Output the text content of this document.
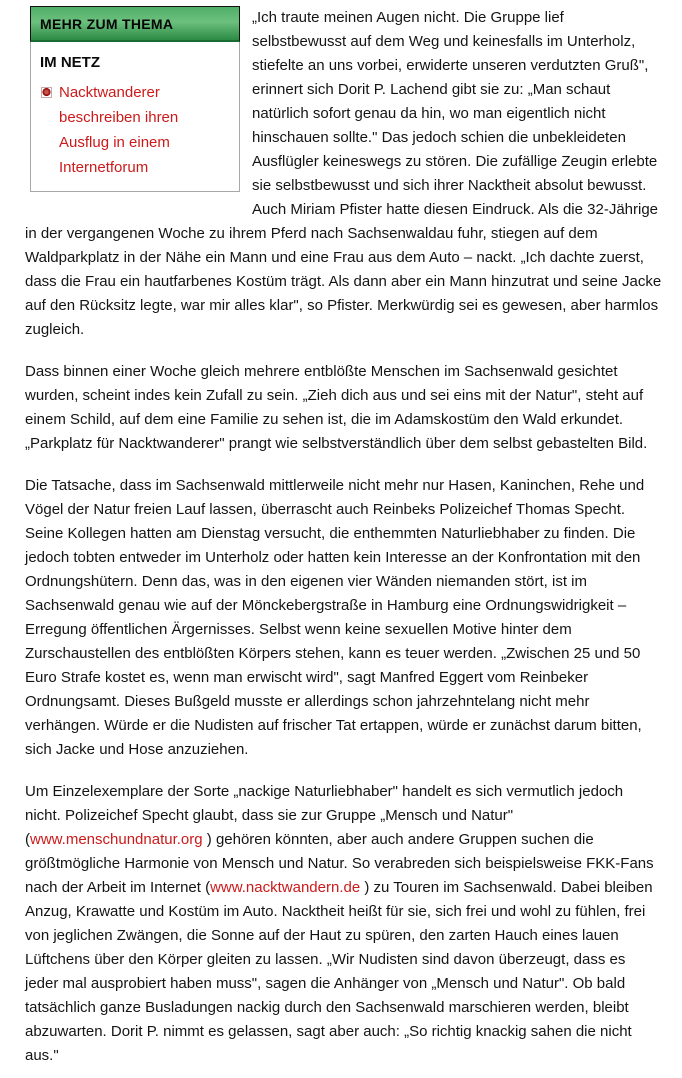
MEHR ZUM THEMA
IM NETZ
Nacktwanderer beschreiben ihren Ausflug in einem Internetforum

„Ich traute meinen Augen nicht. Die Gruppe lief selbstbewusst auf dem Weg und keinesfalls im Unterholz, stiefelte an uns vorbei, erwiderte unseren verdutzten Gruß", erinnert sich Dorit P. Lachend gibt sie zu: „Man schaut natürlich sofort genau da hin, wo man eigentlich nicht hinschauen sollte." Das jedoch schien die unbekleideten Ausflügler keineswegs zu stören. Die zufällige Zeugin erlebte sie selbstbewusst und sich ihrer Nacktheit absolut bewusst. Auch Miriam Pfister hatte diesen Eindruck. Als die 32-Jährige in der vergangenen Woche zu ihrem Pferd nach Sachsenwaldau fuhr, stiegen auf dem Waldparkplatz in der Nähe ein Mann und eine Frau aus dem Auto – nackt. „Ich dachte zuerst, dass die Frau ein hautfarbenes Kostüm trägt. Als dann aber ein Mann hinzutrat und seine Jacke auf den Rücksitz legte, war mir alles klar", so Pfister. Merkwürdig sei es gewesen, aber harmlos zugleich.

Dass binnen einer Woche gleich mehrere entblößte Menschen im Sachsenwald gesichtet wurden, scheint indes kein Zufall zu sein. „Zieh dich aus und sei eins mit der Natur", steht auf einem Schild, auf dem eine Familie zu sehen ist, die im Adamskostüm den Wald erkundet. „Parkplatz für Nacktwanderer" prangt wie selbstverständlich über dem selbst gebastelten Bild.

Die Tatsache, dass im Sachsenwald mittlerweile nicht mehr nur Hasen, Kaninchen, Rehe und Vögel der Natur freien Lauf lassen, überrascht auch Reinbeks Polizeichef Thomas Specht. Seine Kollegen hatten am Dienstag versucht, die enthemmten Naturliebhaber zu finden. Die jedoch tobten entweder im Unterholz oder hatten kein Interesse an der Konfrontation mit den Ordnungshütern. Denn das, was in den eigenen vier Wänden niemanden stört, ist im Sachsenwald genau wie auf der Mönckebergstraße in Hamburg eine Ordnungswidrigkeit – Erregung öffentlichen Ärgernisses. Selbst wenn keine sexuellen Motive hinter dem Zurschaustellen des entblößten Körpers stehen, kann es teuer werden. „Zwischen 25 und 50 Euro Strafe kostet es, wenn man erwischt wird", sagt Manfred Eggert vom Reinbeker Ordnungsamt. Dieses Bußgeld musste er allerdings schon jahrzehntelang nicht mehr verhängen. Würde er die Nudisten auf frischer Tat ertappen, würde er zunächst darum bitten, sich Jacke und Hose anzuziehen.

Um Einzelexemplare der Sorte „nackige Naturliebhaber" handelt es sich vermutlich jedoch nicht. Polizeichef Specht glaubt, dass sie zur Gruppe „Mensch und Natur" (www.menschundnatur.org ) gehören könnten, aber auch andere Gruppen suchen die größtmögliche Harmonie von Mensch und Natur. So verabreden sich beispielsweise FKK-Fans nach der Arbeit im Internet (www.nacktwandern.de ) zu Touren im Sachsenwald. Dabei bleiben Anzug, Krawatte und Kostüm im Auto. Nacktheit heißt für sie, sich frei und wohl zu fühlen, frei von jeglichen Zwängen, die Sonne auf der Haut zu spüren, den zarten Hauch eines lauen Lüftchens über den Körper gleiten zu lassen. „Wir Nudisten sind davon überzeugt, dass es jeder mal ausprobiert haben muss", sagen die Anhänger von „Mensch und Natur". Ob bald tatsächlich ganze Busladungen nackig durch den Sachsenwald marschieren werden, bleibt abzuwarten. Dorit P. nimmt es gelassen, sagt aber auch: „So richtig knackig sahen die nicht aus."
